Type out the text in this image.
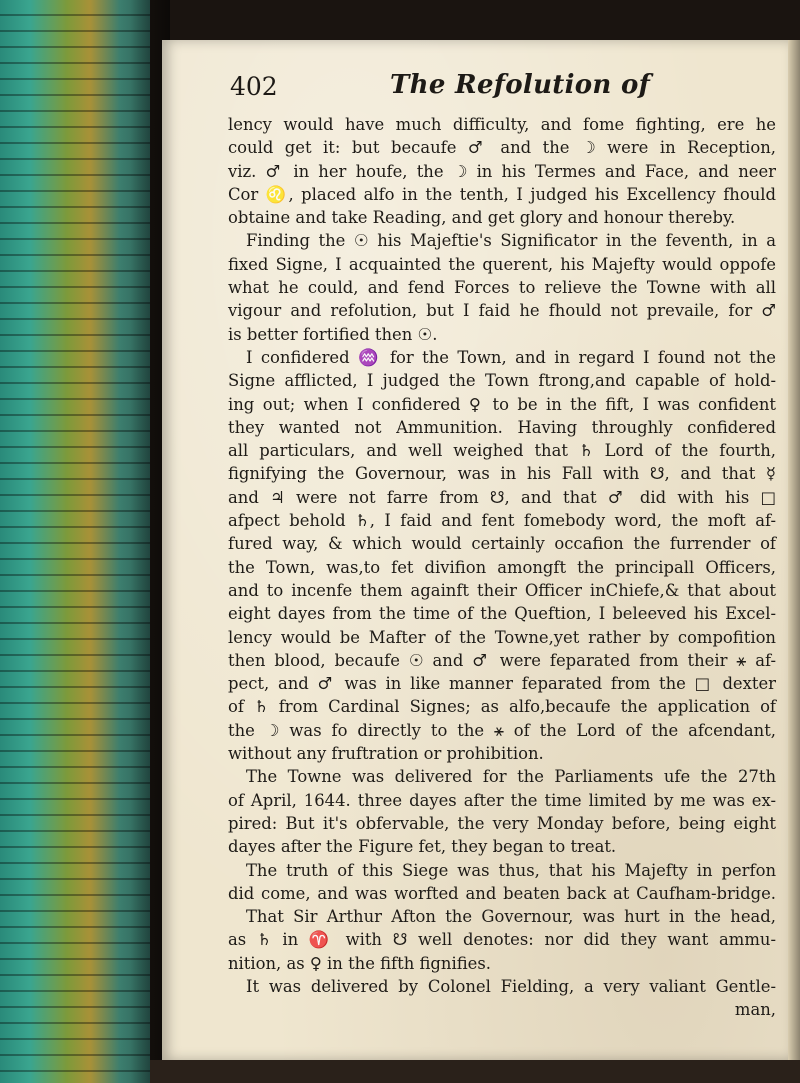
402	The Refolution of
lency would have much difficulty, and fome fighting, ere he
could get it: but becaufe ♂ and the ☽ were in Reception,
viz. ♂ in her houfe, the ☽ in his Termes and Face, and neer
Cor ♌, placed alfo in the tenth, I judged his Excellency fhould
obtaine and take Reading, and get glory and honour thereby.
Finding the ☉ his Majeftie's Significator in the feventh, in a
fixed Signe, I acquainted the querent, his Majefty would oppofe
what he could, and fend Forces to relieve the Towne with all
vigour and refolution, but I faid he fhould not prevaile, for ♂
is better fortified then ☉.
I confidered ♒ for the Town, and in regard I found not the
Signe afflicted, I judged the Town ftrong,and capable of hold-
ing out; when I confidered ♀ to be in the fift, I was confident
they wanted not Ammunition. Having throughly confidered
all particulars, and well weighed that ♄ Lord of the fourth,
fignifying the Governour, was in his Fall with ☋, and that ☿
and ♃ were not farre from ☋, and that ♂ did with his □
afpect behold ♄, I faid and fent fomebody word, the moft af-
fured way, & which would certainly occafion the furrender of
the Town, was,to fet divifion amongft the principall Officers,
and to incenfe them againft their Officer inChiefe,& that about
eight dayes from the time of the Queftion, I beleeved his Excel-
lency would be Mafter of the Towne,yet rather by compofition
then blood, becaufe ☉ and ♂ were feparated from their ⚹ af-
pect, and ♂ was in like manner feparated from the □ dexter
of ♄ from Cardinal Signes; as alfo,becaufe the application of
the ☽ was fo directly to the ⚹ of the Lord of the afcendant,
without any fruftration or prohibition.
The Towne was delivered for the Parliaments ufe the 27th
of April, 1644. three dayes after the time limited by me was ex-
pired: But it's obfervable, the very Monday before, being eight
dayes after the Figure fet, they began to treat.
The truth of this Siege was thus, that his Majefty in perfon
did come, and was worfted and beaten back at Caufham-bridge.
That Sir Arthur Afton the Governour, was hurt in the head,
as ♄ in ♈ with ☋ well denotes: nor did they want ammu-
nition, as ♀ in the fifth fignifies.
It was delivered by Colonel Fielding, a very valiant Gentle-
man,
